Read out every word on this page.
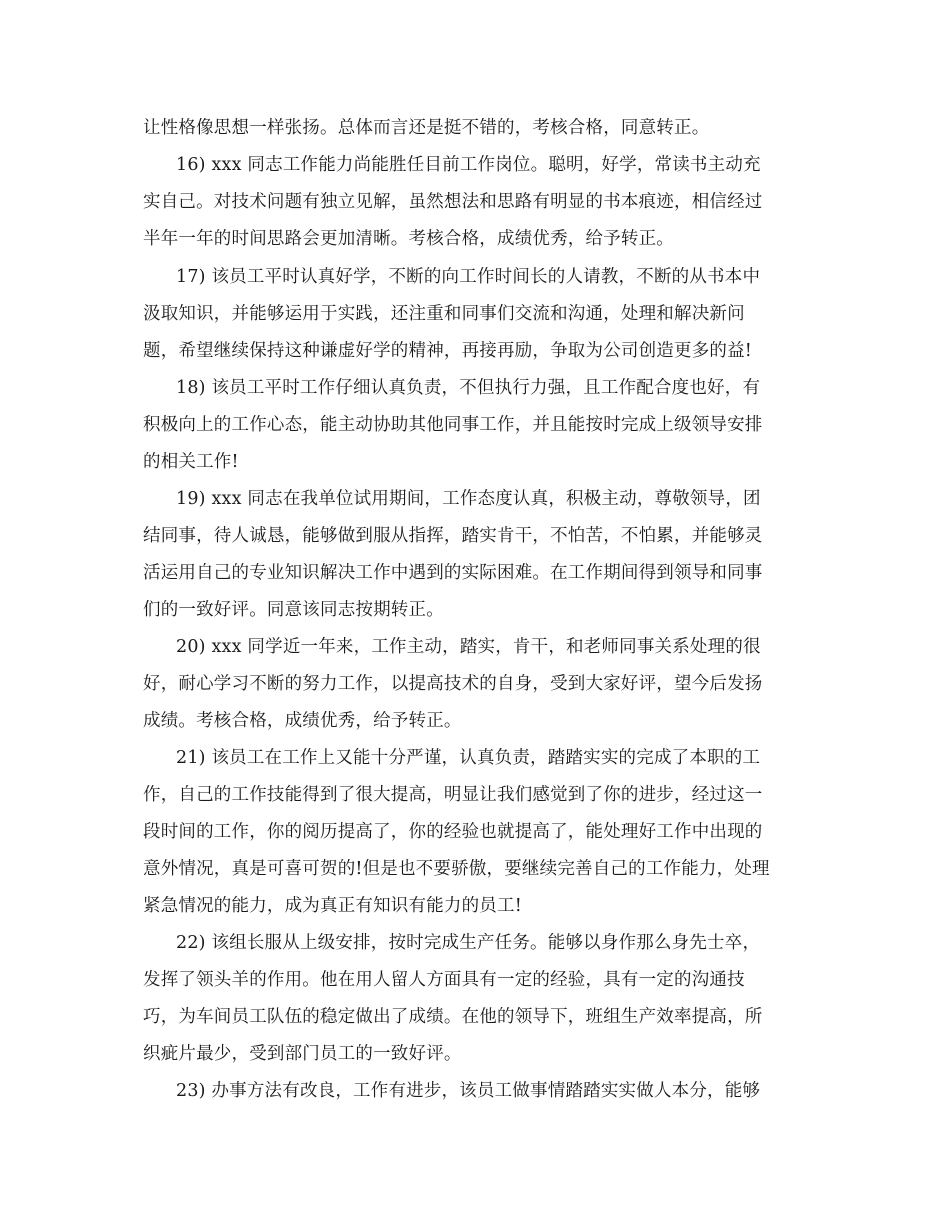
让性格像思想一样张扬。总体而言还是挺不错的，考核合格，同意转正。
16) xxx 同志工作能力尚能胜任目前工作岗位。聪明，好学，常读书主动充
实自己。对技术问题有独立见解，虽然想法和思路有明显的书本痕迹，相信经过
半年一年的时间思路会更加清晰。考核合格，成绩优秀，给予转正。
17) 该员工平时认真好学，不断的向工作时间长的人请教，不断的从书本中
汲取知识，并能够运用于实践，还注重和同事们交流和沟通，处理和解决新问
题，希望继续保持这种谦虚好学的精神，再接再励，争取为公司创造更多的益!
18) 该员工平时工作仔细认真负责，不但执行力强，且工作配合度也好，有
积极向上的工作心态，能主动协助其他同事工作，并且能按时完成上级领导安排
的相关工作!
19) xxx 同志在我单位试用期间，工作态度认真，积极主动，尊敬领导，团
结同事，待人诚恳，能够做到服从指挥，踏实肯干，不怕苦，不怕累，并能够灵
活运用自己的专业知识解决工作中遇到的实际困难。在工作期间得到领导和同事
们的一致好评。同意该同志按期转正。
20) xxx 同学近一年来，工作主动，踏实，肯干，和老师同事关系处理的很
好，耐心学习不断的努力工作，以提高技术的自身，受到大家好评，望今后发扬
成绩。考核合格，成绩优秀，给予转正。
21) 该员工在工作上又能十分严谨，认真负责，踏踏实实的完成了本职的工
作，自己的工作技能得到了很大提高，明显让我们感觉到了你的进步，经过这一
段时间的工作，你的阅历提高了，你的经验也就提高了，能处理好工作中出现的
意外情况，真是可喜可贺的!但是也不要骄傲，要继续完善自己的工作能力，处理
紧急情况的能力，成为真正有知识有能力的员工!
22) 该组长服从上级安排，按时完成生产任务。能够以身作那么身先士卒，
发挥了领头羊的作用。他在用人留人方面具有一定的经验，具有一定的沟通技
巧，为车间员工队伍的稳定做出了成绩。在他的领导下，班组生产效率提高，所
织疵片最少，受到部门员工的一致好评。
23) 办事方法有改良，工作有进步，该员工做事情踏踏实实做人本分，能够
